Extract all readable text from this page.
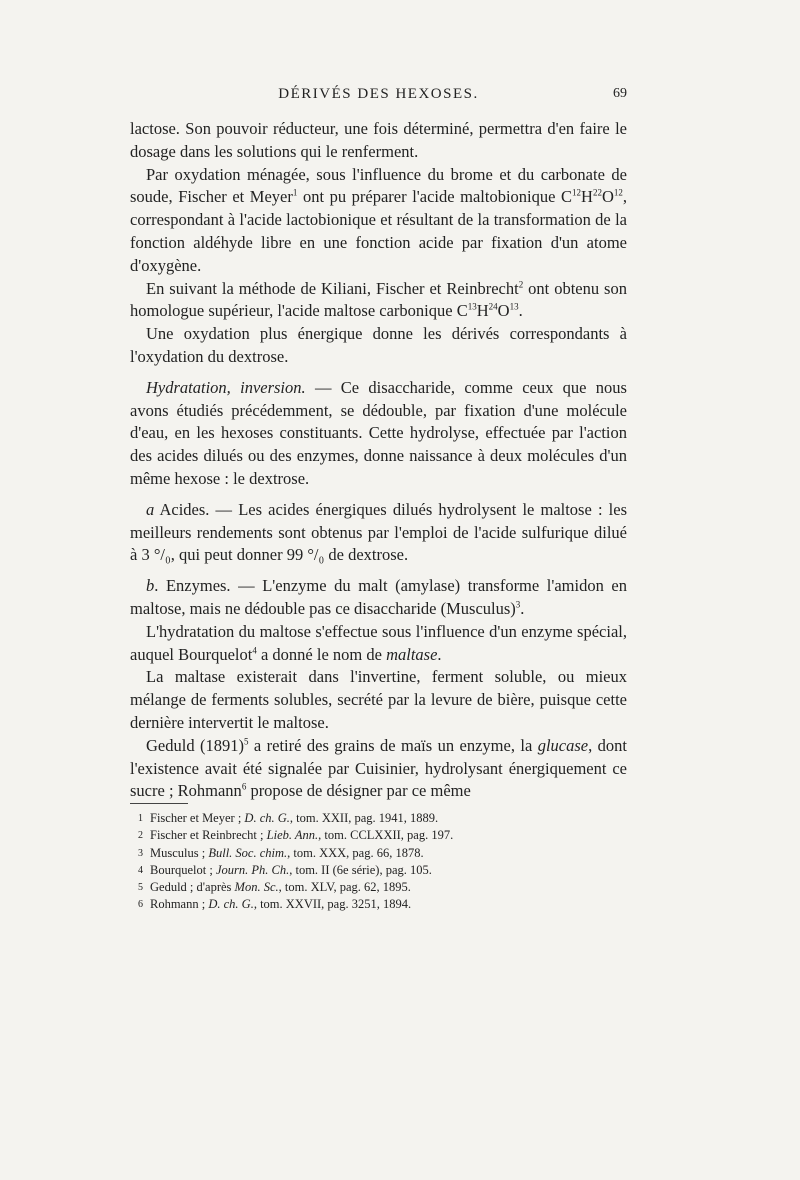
DÉRIVÉS DES HEXOSES.	69

lactose. Son pouvoir réducteur, une fois déterminé, permettra d'en faire le dosage dans les solutions qui le renferment.

Par oxydation ménagée, sous l'influence du brome et du carbonate de soude, Fischer et Meyer$^1$ ont pu préparer l'acide maltobionique $C^{12}H^{22}O^{12}$, correspondant à l'acide lactobionique et résultant de la transformation de la fonction aldéhyde libre en une fonction acide par fixation d'un atome d'oxygène.

En suivant la méthode de Kiliani, Fischer et Reinbrecht$^2$ ont obtenu son homologue supérieur, l'acide maltose carbonique $C^{13}H^{24}O^{13}$.

Une oxydation plus énergique donne les dérivés correspondants à l'oxydation du dextrose.

Hydratation, inversion. — Ce disaccharide, comme ceux que nous avons étudiés précédemment, se dédouble, par fixation d'une molécule d'eau, en les hexoses constituants. Cette hydrolyse, effectuée par l'action des acides dilués ou des enzymes, donne naissance à deux molécules d'un même hexose : le dextrose.

a Acides. — Les acides énergiques dilués hydrolysent le maltose : les meilleurs rendements sont obtenus par l'emploi de l'acide sulfurique dilué à 3 °/₀, qui peut donner 99 °/₀ de dextrose.

b. Enzymes. — L'enzyme du malt (amylase) transforme l'amidon en maltose, mais ne dédouble pas ce disaccharide (Musculus)$^3$.

L'hydratation du maltose s'effectue sous l'influence d'un enzyme spécial, auquel Bourquelot$^4$ a donné le nom de maltase.

La maltase existerait dans l'invertine, ferment soluble, ou mieux mélange de ferments solubles, secrété par la levure de bière, puisque cette dernière intervertit le maltose.

Geduld $(1891)^5$ a retiré des grains de maïs un enzyme, la glucase, dont l'existence avait été signalée par Cuisinier, hydrolysant énergiquement ce sucre ; Rohmann$^6$ propose de désigner par ce même

1 Fischer et Meyer ; D. ch. G., tom. XXII, pag. 1941, 1889.
2 Fischer et Reinbrecht ; Lieb. Ann., tom. CCLXXII, pag. 197.
3 Musculus ; Bull. Soc. chim., tom. XXX, pag. 66, 1878.
4 Bourquelot ; Journ. Ph. Ch., tom. II (6e série), pag. 105.
5 Geduld ; d'après Mon. Sc., tom. XLV, pag. 62, 1895.
6 Rohmann ; D. ch. G., tom. XXVII, pag. 3251, 1894.
